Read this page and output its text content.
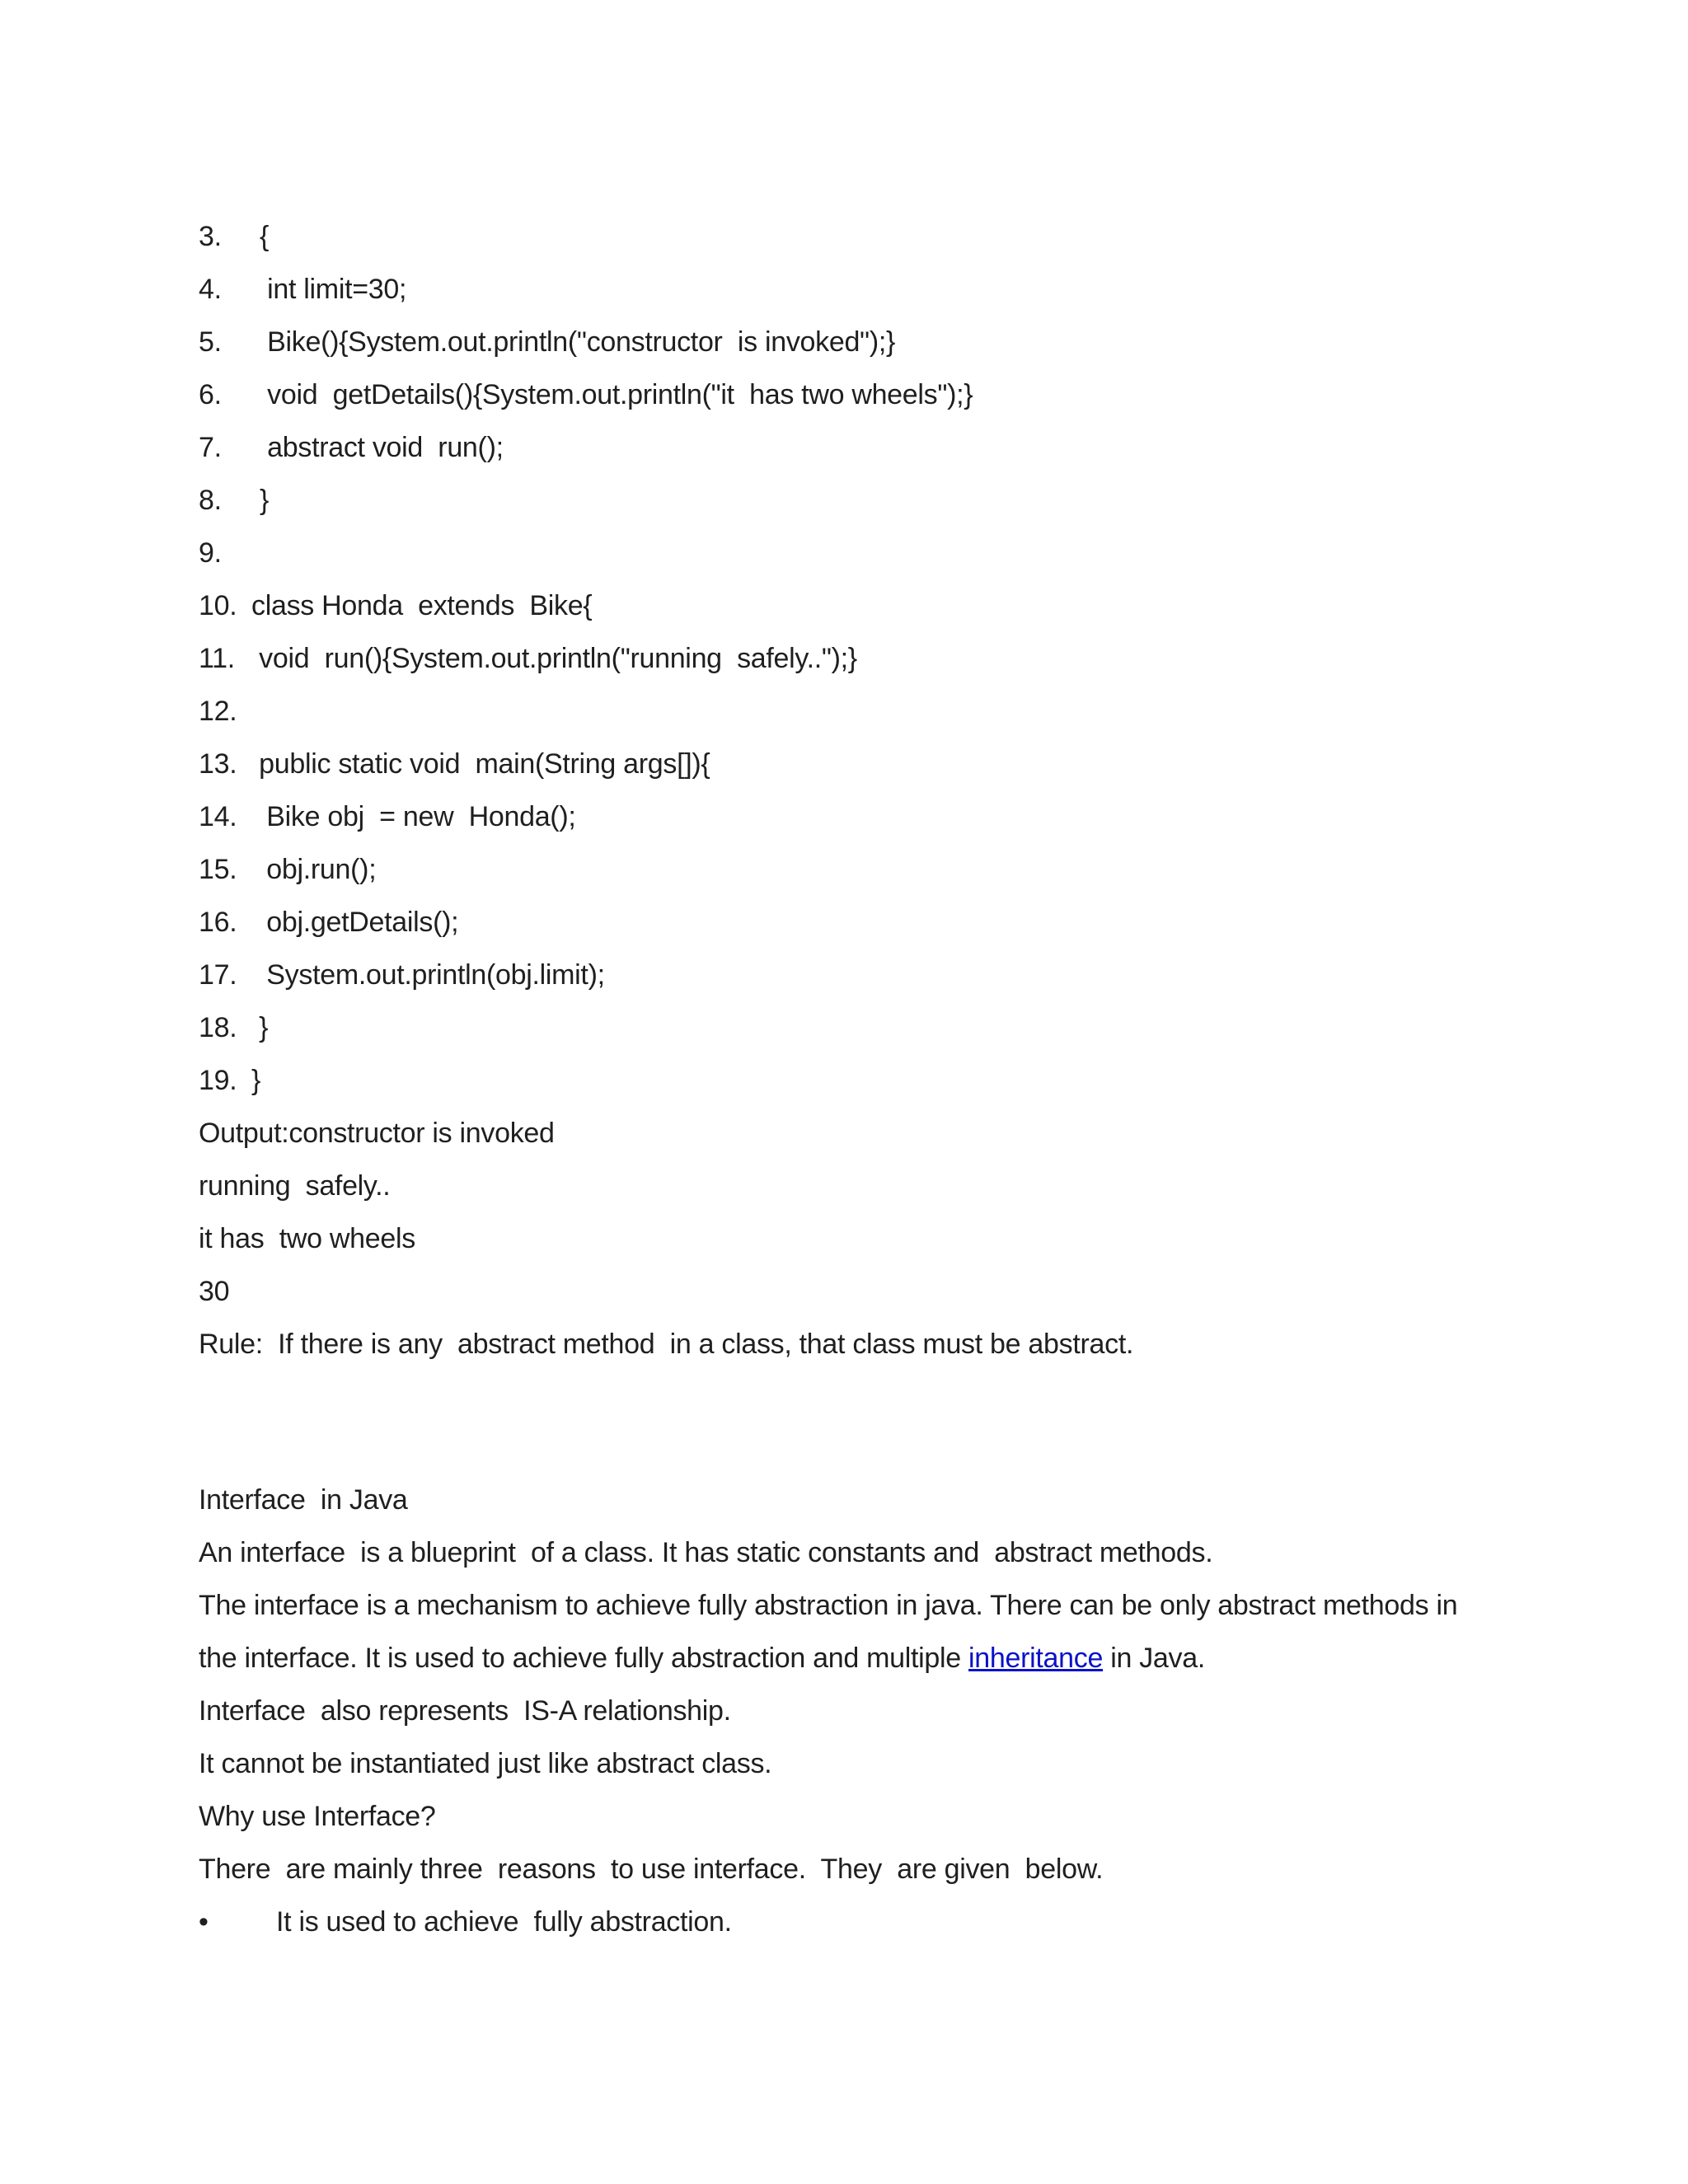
3. {
4. int limit=30;
5. Bike(){System.out.println("constructor  is invoked");}
6. void  getDetails(){System.out.println("it  has two wheels");}
7. abstract void  run();
8. }
9.
10. class Honda  extends  Bike{
11. void  run(){System.out.println("running  safely..");}
12.
13. public static void  main(String args[]){
14.  Bike obj  = new  Honda();
15.  obj.run();
16.  obj.getDetails();
17.  System.out.println(obj.limit);
18. }
19. }
Output:constructor is invoked
running  safely..
it has  two wheels
30
Rule:  If there is any  abstract method  in a class, that class must be abstract.
Interface  in Java
An interface  is a blueprint  of a class. It has static constants and  abstract methods.
The interface is a mechanism to achieve fully abstraction in java. There can be only abstract methods in the interface. It is used to achieve fully abstraction and multiple inheritance in Java.
Interface  also represents  IS-A relationship.
It cannot be instantiated just like abstract class.
Why use Interface?
There  are mainly three  reasons  to use interface.  They  are given  below.
• It is used to achieve  fully abstraction.
